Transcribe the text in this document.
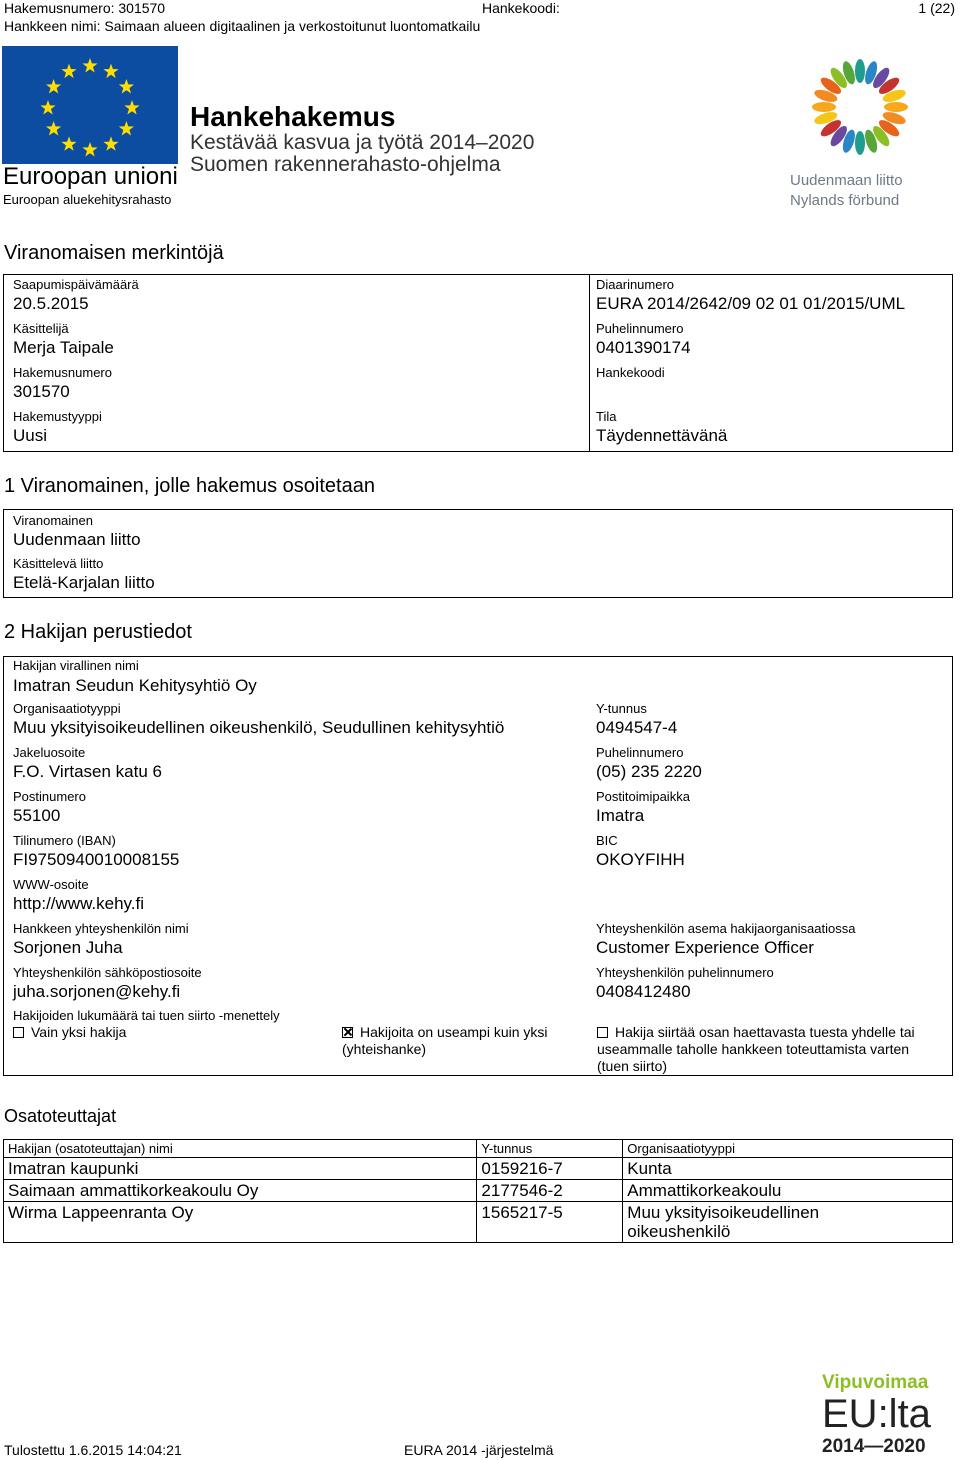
Hakemusnumero: 301570	Hankekoodi:	1 (22)
Hankkeen nimi: Saimaan alueen digitaalinen ja verkostoitunut luontomatkailu
Euroopan unioni
Euroopan aluekehitysrahasto
Hankehakemus
Kestävää kasvua ja työtä 2014–2020
Suomen rakennerahasto-ohjelma
Uudenmaan liitto
Nylands förbund
Viranomaisen merkintöjä
Saapumispäivämäärä
20.5.2015
Käsittelijä
Merja Taipale
Hakemusnumero
301570
Hakemustyyppi
Uusi
Diaarinumero
EURA 2014/2642/09 02 01 01/2015/UML
Puhelinnumero
0401390174
Hankekoodi
Tila
Täydennettävänä
1 Viranomainen, jolle hakemus osoitetaan
Viranomainen
Uudenmaan liitto
Käsittelevä liitto
Etelä-Karjalan liitto
2 Hakijan perustiedot
Hakijan virallinen nimi
Imatran Seudun Kehitysyhtiö Oy
Organisaatiotyyppi
Muu yksityisoikeudellinen oikeushenkilö, Seudullinen kehitysyhtiö
Jakeluosoite
F.O. Virtasen katu 6
Postinumero
55100
Tilinumero (IBAN)
FI9750940010008155
WWW-osoite
http://www.kehy.fi
Hankkeen yhteyshenkilön nimi
Sorjonen Juha
Yhteyshenkilön sähköpostiosoite
juha.sorjonen@kehy.fi
Y-tunnus
0494547-4
Puhelinnumero
(05) 235 2220
Postitoimipaikka
Imatra
BIC
OKOYFIHH
Yhteyshenkilön asema hakijaorganisaatiossa
Customer Experience Officer
Yhteyshenkilön puhelinnumero
0408412480
Hakijoiden lukumäärä tai tuen siirto -menettely
Vain yksi hakija	Hakijoita on useampi kuin yksi
(yhteishanke)
Hakija siirtää osan haettavasta tuesta yhdelle tai
useammalle taholle hankkeen toteuttamista varten
(tuen siirto)
Osatoteuttajat
Hakijan (osatoteuttajan) nimi	Y-tunnus	Organisaatiotyyppi
Imatran kaupunki	0159216-7	Kunta

Saimaan ammattikorkeakoulu Oy	2177546-2	Ammattikorkeakoulu

Wirma Lappeenranta Oy	1565217-5	Muu yksityisoikeudellinen
oikeushenkilö
Tulostettu 1.6.2015 14:04:21	EURA 2014 -järjestelmä
Vipuvoimaa
EU:lta
2014—2020
